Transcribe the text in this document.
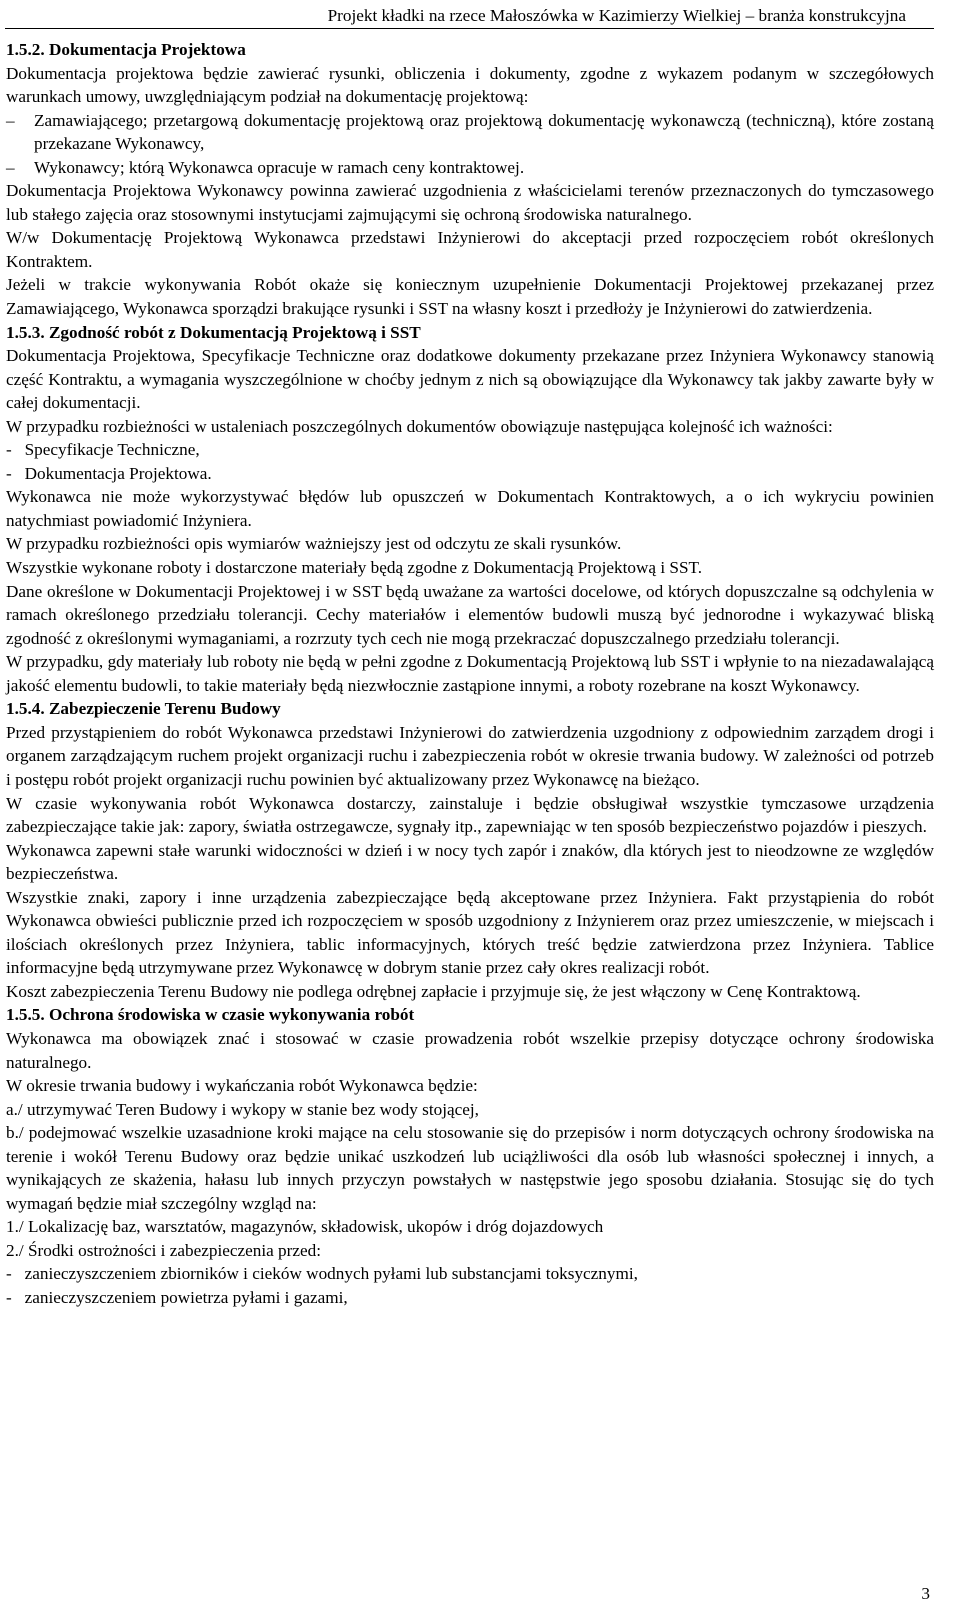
Projekt kładki na rzece Małoszówka w Kazimierzy Wielkiej – branża konstrukcyjna
1.5.2. Dokumentacja Projektowa
Dokumentacja projektowa będzie zawierać rysunki, obliczenia i dokumenty, zgodne z wykazem podanym w szczegółowych warunkach umowy, uwzględniającym podział na dokumentację projektową:
– Zamawiającego; przetargową dokumentację projektową oraz projektową dokumentację wykonawczą (techniczną), które zostaną przekazane Wykonawcy,
– Wykonawcy; którą Wykonawca opracuje w ramach ceny kontraktowej.
Dokumentacja Projektowa Wykonawcy powinna zawierać uzgodnienia z właścicielami terenów przeznaczonych do tymczasowego lub stałego zajęcia oraz stosownymi instytucjami zajmującymi się ochroną środowiska naturalnego.
W/w Dokumentację Projektową Wykonawca przedstawi Inżynierowi do akceptacji przed rozpoczęciem robót określonych Kontraktem.
Jeżeli w trakcie wykonywania Robót okaże się koniecznym uzupełnienie Dokumentacji Projektowej przekazanej przez Zamawiającego, Wykonawca sporządzi brakujące rysunki i SST na własny koszt i przedłoży je Inżynierowi do zatwierdzenia.
1.5.3. Zgodność robót z Dokumentacją Projektową i SST
Dokumentacja Projektowa, Specyfikacje Techniczne oraz dodatkowe dokumenty przekazane przez Inżyniera Wykonawcy stanowią część Kontraktu, a wymagania wyszczególnione w choćby jednym z nich są obowiązujące dla Wykonawcy tak jakby zawarte były w całej dokumentacji.
W przypadku rozbieżności w ustaleniach poszczególnych dokumentów obowiązuje następująca kolejność ich ważności:
-   Specyfikacje Techniczne,
-   Dokumentacja Projektowa.
Wykonawca nie może wykorzystywać błędów lub opuszczeń w Dokumentach Kontraktowych, a o ich wykryciu powinien natychmiast powiadomić Inżyniera.
W przypadku rozbieżności opis wymiarów ważniejszy jest od odczytu ze skali rysunków.
Wszystkie wykonane roboty i dostarczone materiały będą zgodne z Dokumentacją Projektową i SST.
Dane określone w Dokumentacji Projektowej i w SST będą uważane za wartości docelowe, od których dopuszczalne są odchylenia w ramach określonego przedziału tolerancji. Cechy materiałów i elementów budowli muszą być jednorodne i wykazywać bliską zgodność z określonymi wymaganiami, a rozrzuty tych cech nie mogą przekraczać dopuszczalnego przedziału tolerancji.
W przypadku, gdy materiały lub roboty nie będą w pełni zgodne z Dokumentacją Projektową lub SST i wpłynie to na niezadawalającą jakość elementu budowli, to takie materiały będą niezwłocznie zastąpione innymi, a roboty rozebrane na koszt Wykonawcy.
1.5.4. Zabezpieczenie Terenu Budowy
Przed przystąpieniem do robót Wykonawca przedstawi Inżynierowi do zatwierdzenia uzgodniony z odpowiednim zarządem drogi i organem zarządzającym ruchem projekt organizacji ruchu i zabezpieczenia robót w okresie trwania budowy. W zależności od potrzeb i postępu robót projekt organizacji ruchu powinien być aktualizowany przez Wykonawcę na bieżąco.
W czasie wykonywania robót Wykonawca dostarczy, zainstaluje i będzie obsługiwał wszystkie tymczasowe urządzenia zabezpieczające takie jak: zapory, światła ostrzegawcze, sygnały itp., zapewniając w ten sposób bezpieczeństwo pojazdów i pieszych.
Wykonawca zapewni stałe warunki widoczności w dzień i w nocy tych zapór i znaków, dla których jest to nieodzowne ze względów bezpieczeństwa.
Wszystkie znaki, zapory i inne urządzenia zabezpieczające będą akceptowane przez Inżyniera. Fakt przystąpienia do robót Wykonawca obwieści publicznie przed ich rozpoczęciem w sposób uzgodniony z Inżynierem oraz przez umieszczenie, w miejscach i ilościach określonych przez Inżyniera, tablic informacyjnych, których treść będzie zatwierdzona przez Inżyniera. Tablice informacyjne będą utrzymywane przez Wykonawcę w dobrym stanie przez cały okres realizacji robót.
Koszt zabezpieczenia Terenu Budowy nie podlega odrębnej zapłacie i przyjmuje się, że jest włączony w Cenę Kontraktową.
1.5.5. Ochrona środowiska w czasie wykonywania robót
Wykonawca ma obowiązek znać i stosować w czasie prowadzenia robót wszelkie przepisy dotyczące ochrony środowiska naturalnego.
W okresie trwania budowy i wykańczania robót Wykonawca będzie:
a./ utrzymywać Teren Budowy i wykopy w stanie bez wody stojącej,
b./ podejmować wszelkie uzasadnione kroki mające na celu stosowanie się do przepisów i norm dotyczących ochrony środowiska na terenie i wokół Terenu Budowy oraz będzie unikać uszkodzeń lub uciążliwości dla osób lub własności społecznej i innych, a wynikających ze skażenia, hałasu lub innych przyczyn powstałych w następstwie jego sposobu działania. Stosując się do tych wymagań będzie miał szczególny wzgląd na:
1./ Lokalizację baz, warsztatów, magazynów, składowisk, ukopów i dróg dojazdowych
2./ Środki ostrożności i zabezpieczenia przed:
-   zanieczyszczeniem zbiorników i cieków wodnych pyłami lub substancjami toksycznymi,
-   zanieczyszczeniem powietrza pyłami i gazami,
3
